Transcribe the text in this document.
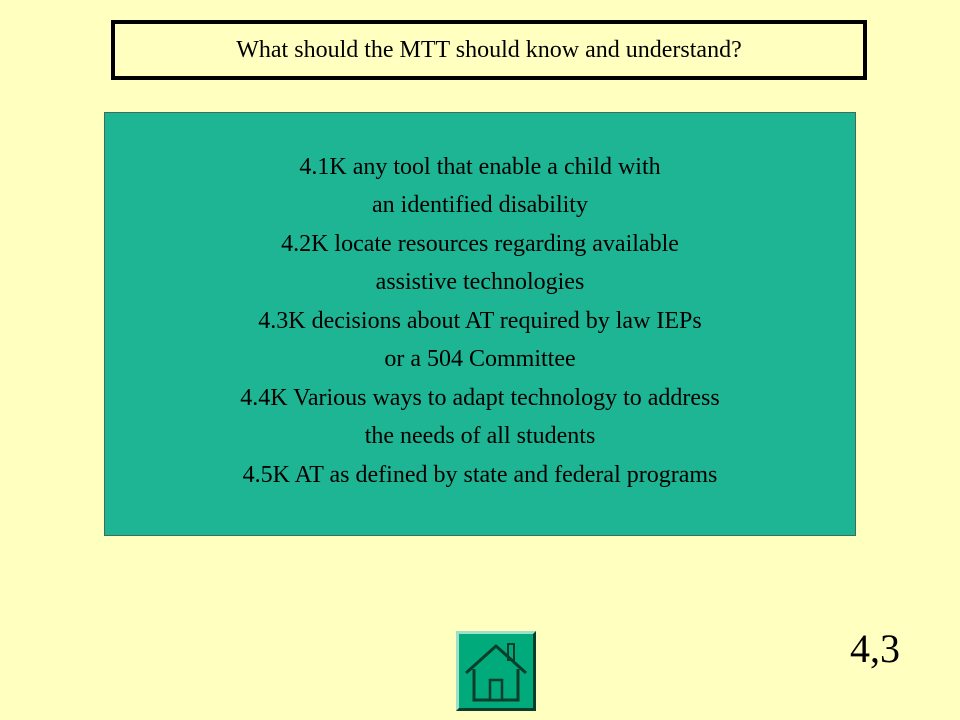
What should the MTT should know and understand?
4.1K any tool that enable a child with
an identified disability
4.2K locate resources regarding available
assistive technologies
4.3K decisions about AT required by law IEPs
or a 504 Committee
4.4K Various ways to adapt technology to address
the needs of all students
4.5K AT as defined by state and federal programs
4,3
